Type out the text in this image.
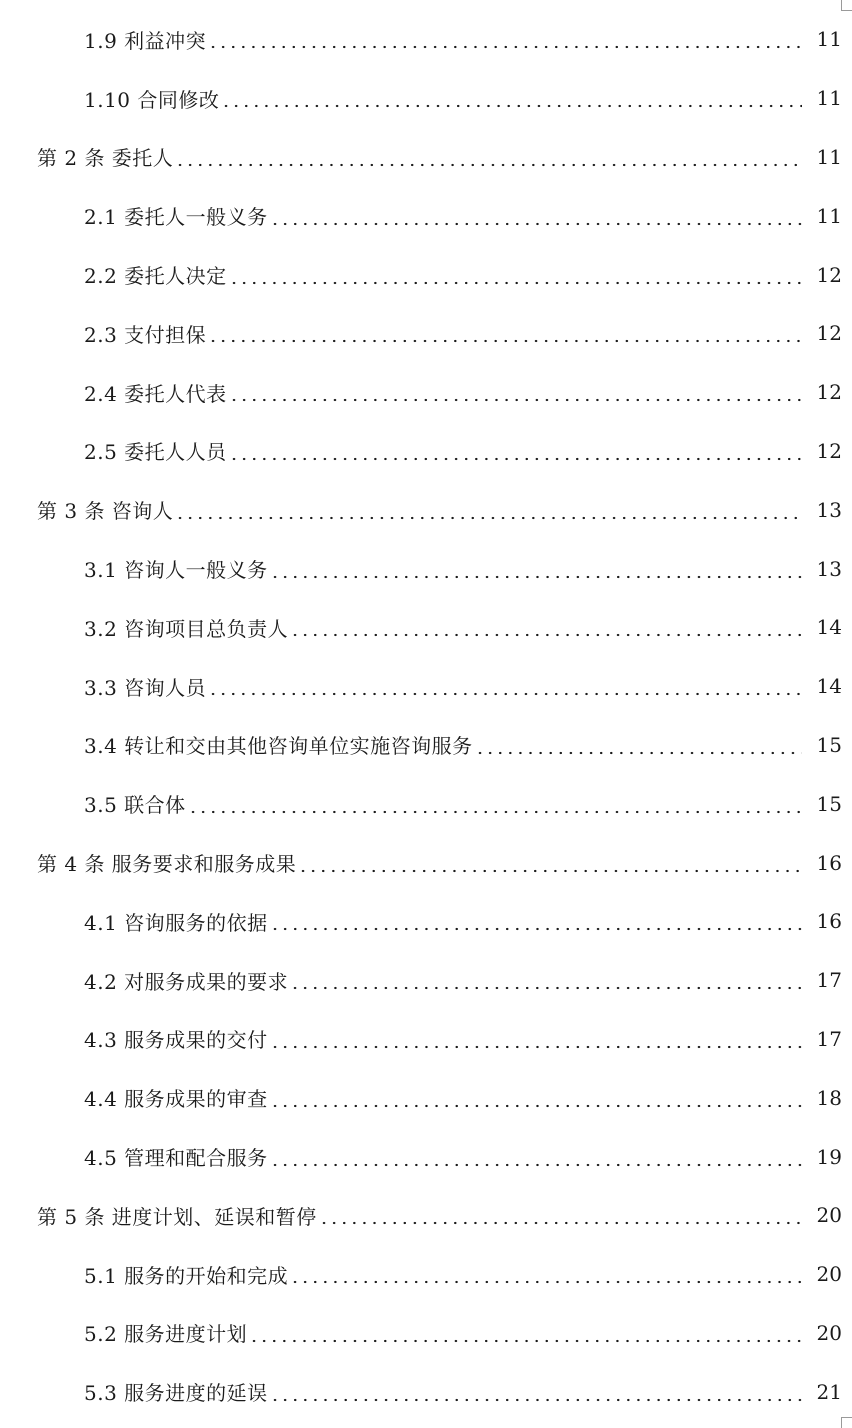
1.9 利益冲突	11
1.10 合同修改	11
第 2 条 委托人	11
2.1 委托人一般义务	11
2.2 委托人决定	12
2.3 支付担保	12
2.4 委托人代表	12
2.5 委托人人员	12
第 3 条 咨询人	13
3.1 咨询人一般义务	13
3.2 咨询项目总负责人	14
3.3 咨询人员	14
3.4 转让和交由其他咨询单位实施咨询服务	15
3.5 联合体	15
第 4 条 服务要求和服务成果	16
4.1 咨询服务的依据	16
4.2 对服务成果的要求	17
4.3 服务成果的交付	17
4.4 服务成果的审查	18
4.5 管理和配合服务	19
第 5 条 进度计划、延误和暂停	20
5.1 服务的开始和完成	20
5.2 服务进度计划	20
5.3 服务进度的延误	21
